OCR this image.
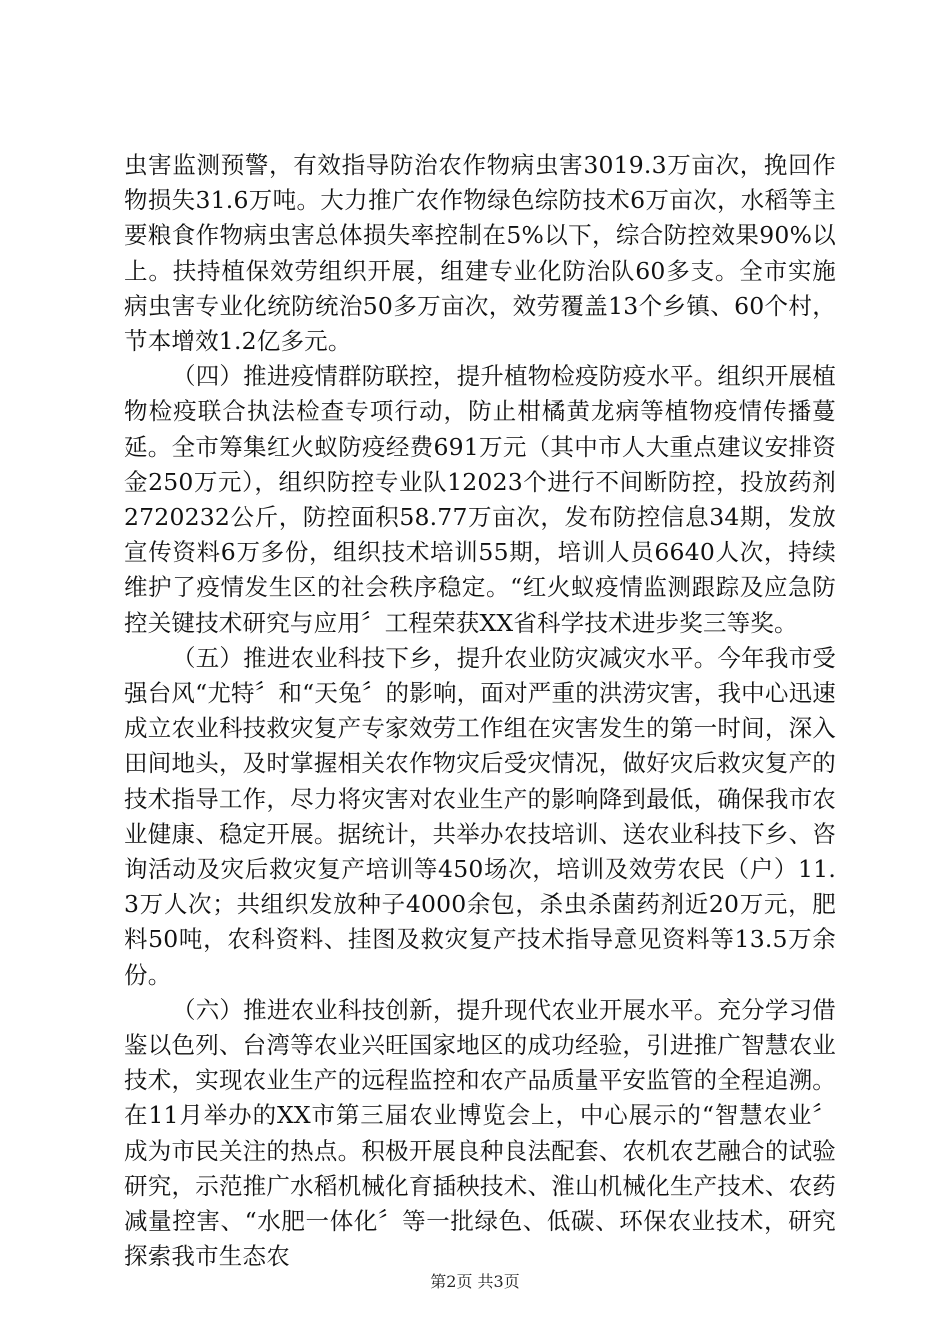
虫害监测预警，有效指导防治农作物病虫害3019.3万亩次，挽回作物损失31.6万吨。大力推广农作物绿色综防技术6万亩次，水稻等主要粮食作物病虫害总体损失率控制在5%以下，综合防控效果90%以上。扶持植保效劳组织开展，组建专业化防治队60多支。全市实施病虫害专业化统防统治50多万亩次，效劳覆盖13个乡镇、60个村，节本增效1.2亿多元。

（四）推进疫情群防联控，提升植物检疫防疫水平。组织开展植物检疫联合执法检查专项行动，防止柑橘黄龙病等植物疫情传播蔓延。全市筹集红火蚁防疫经费691万元（其中市人大重点建议安排资金250万元），组织防控专业队12023个进行不间断防控，投放药剂2720232公斤，防控面积58.77万亩次，发布防控信息34期，发放宣传资料6万多份，组织技术培训55期，培训人员6640人次，持续维护了疫情发生区的社会秩序稳定。“红火蚁疫情监测跟踪及应急防控关键技术研究与应用〞工程荣获XX省科学技术进步奖三等奖。

（五）推进农业科技下乡，提升农业防灾减灾水平。今年我市受强台风“尤特〞和“天兔〞的影响，面对严重的洪涝灾害，我中心迅速成立农业科技救灾复产专家效劳工作组在灾害发生的第一时间，深入田间地头，及时掌握相关农作物灾后受灾情况，做好灾后救灾复产的技术指导工作，尽力将灾害对农业生产的影响降到最低，确保我市农业健康、稳定开展。据统计，共举办农技培训、送农业科技下乡、咨询活动及灾后救灾复产培训等450场次，培训及效劳农民（户）11.3万人次；共组织发放种子4000余包，杀虫杀菌药剂近20万元，肥料50吨，农科资料、挂图及救灾复产技术指导意见资料等13.5万余份。

（六）推进农业科技创新，提升现代农业开展水平。充分学习借鉴以色列、台湾等农业兴旺国家地区的成功经验，引进推广智慧农业技术，实现农业生产的远程监控和农产品质量平安监管的全程追溯。在11月举办的XX市第三届农业博览会上，中心展示的“智慧农业〞成为市民关注的热点。积极开展良种良法配套、农机农艺融合的试验研究，示范推广水稻机械化育插秧技术、淮山机械化生产技术、农药减量控害、“水肥一体化〞等一批绿色、低碳、环保农业技术，研究探索我市生态农

第2页 共3页
